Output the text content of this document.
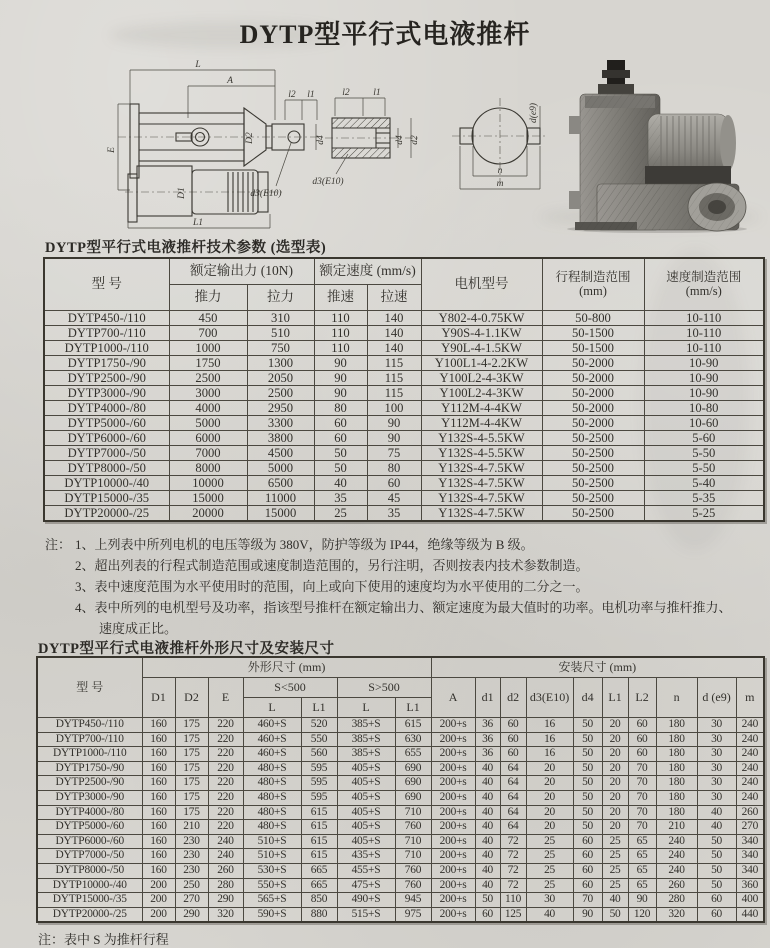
DYTP型平行式电液推杆
L
A
l2 l1
d4
D2
d3(E10)
E
D1
L1
l2 l1
d4 d2
d3(E10)
d(e9)
n
m
DYTP型平行式电液推杆技术参数 (选型表)
型 号	额定输出力 (10N)		额定速度 (mm/s)		电机型号	行程制造范围
(mm)	速度制造范围
(mm/s)

	推力	拉力	推速	拉速			
DYTP450-/110	450	310	110	140	Y802-4-0.75KW	50-800	10-110
DYTP700-/110	700	510	110	140	Y90S-4-1.1KW	50-1500	10-110
DYTP1000-/110	1000	750	110	140	Y90L-4-1.5KW	50-1500	10-110
DYTP1750-/90	1750	1300	90	115	Y100L1-4-2.2KW	50-2000	10-90
DYTP2500-/90	2500	2050	90	115	Y100L2-4-3KW	50-2000	10-90
DYTP3000-/90	3000	2500	90	115	Y100L2-4-3KW	50-2000	10-90
DYTP4000-/80	4000	2950	80	100	Y112M-4-4KW	50-2000	10-80
DYTP5000-/60	5000	3300	60	90	Y112M-4-4KW	50-2000	10-60
DYTP6000-/60	6000	3800	60	90	Y132S-4-5.5KW	50-2500	5-60
DYTP7000-/50	7000	4500	50	75	Y132S-4-5.5KW	50-2500	5-50
DYTP8000-/50	8000	5000	50	80	Y132S-4-7.5KW	50-2500	5-50
DYTP10000-/40	10000	6500	40	60	Y132S-4-7.5KW	50-2500	5-40
DYTP15000-/35	15000	11000	35	45	Y132S-4-7.5KW	50-2500	5-35
DYTP20000-/25	20000	15000	25	35	Y132S-4-7.5KW	50-2500	5-25
注： 1、上列表中所列电机的电压等级为 380V，防护等级为 IP44，绝缘等级为 B 级。
2、超出列表的行程式制造范围或速度制造范围的，另行注明，否则按表内技术参数制造。
3、表中速度范围为水平使用时的范围，向上或向下使用的速度均为水平使用的二分之一。
4、表中所列的电机型号及功率，指该型号推杆在额定输出力、额定速度为最大值时的功率。电机功率与推杆推力、速度成正比。
DYTP型平行式电液推杆外形尺寸及安装尺寸
型 号	外形尺寸 (mm)							安装尺寸 (mm)									
	D1	D2	E	S<500		S>500		A	d1	d2	d3(E10)	d4	L1	L2	n	d (e9)	m
				L	L1	L	L1										
DYTP450-/110	160	175	220	460+S	520	385+S	615	200+s	36	60	16	50	20	60	180	30	240
DYTP700-/110	160	175	220	460+S	550	385+S	630	200+s	36	60	16	50	20	60	180	30	240
DYTP1000-/110	160	175	220	460+S	560	385+S	655	200+s	36	60	16	50	20	60	180	30	240
DYTP1750-/90	160	175	220	480+S	595	405+S	690	200+s	40	64	20	50	20	70	180	30	240
DYTP2500-/90	160	175	220	480+S	595	405+S	690	200+s	40	64	20	50	20	70	180	30	240
DYTP3000-/90	160	175	220	480+S	595	405+S	690	200+s	40	64	20	50	20	70	180	30	240
DYTP4000-/80	160	175	220	480+S	615	405+S	710	200+s	40	64	20	50	20	70	180	40	260
DYTP5000-/60	160	210	220	480+S	615	405+S	760	200+s	40	64	20	50	20	70	210	40	270
DYTP6000-/60	160	230	240	510+S	615	405+S	710	200+s	40	72	25	60	25	65	240	50	340
DYTP7000-/50	160	230	240	510+S	615	435+S	710	200+s	40	72	25	60	25	65	240	50	340
DYTP8000-/50	160	230	260	530+S	665	455+S	760	200+s	40	72	25	60	25	65	240	50	340
DYTP10000-/40	200	250	280	550+S	665	475+S	760	200+s	40	72	25	60	25	65	260	50	360
DYTP15000-/35	200	270	290	565+S	850	490+S	945	200+s	50	110	30	70	40	90	280	60	400
DYTP20000-/25	200	290	320	590+S	880	515+S	975	200+s	60	125	40	90	50	120	320	60	440
注：表中 S 为推杆行程
